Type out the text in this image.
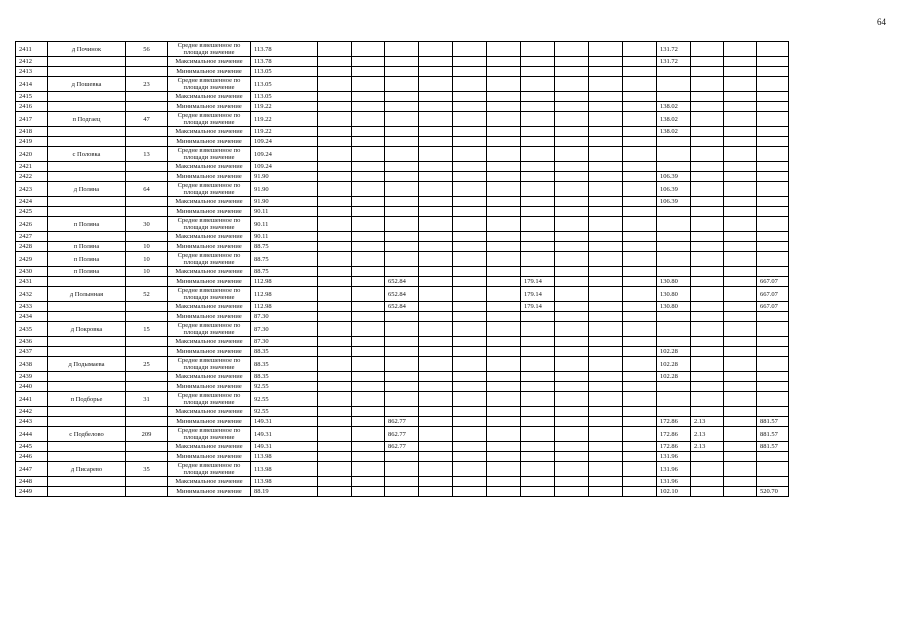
64
2411	д Починок	56	Средне взвешенное по площади значение	113.78											131.72			
2412			Максимальное значение	113.78											131.72			
2413			Минимальное значение	113.05														
2414	д Пошевка	23	Средне взвешенное по площади значение	113.05														
2415			Максимальное значение	113.05														
2416			Минимальное значение	119.22											138.02			
2417	п Подгаец	47	Средне взвешенное по площади значение	119.22											138.02			
2418			Максимальное значение	119.22											138.02			
2419			Минимальное значение	109.24														
2420	с Половка	13	Средне взвешенное по площади значение	109.24														
2421			Максимальное значение	109.24														
2422			Минимальное значение	91.90											106.39			
2423	д Поляна	64	Средне взвешенное по площади значение	91.90											106.39			
2424			Максимальное значение	91.90											106.39			
2425			Минимальное значение	90.11														
2426	п Поляна	30	Средне взвешенное по площади значение	90.11														
2427			Максимальное значение	90.11														
2428	п Поляна	10	Минимальное значение	88.75														
2429	п Поляна	10	Средне взвешенное по площади значение	88.75														
2430	п Поляна	10	Максимальное значение	88.75														
2431			Минимальное значение	112.98			652.84				179.14				130.80			667.07
2432	д Полынная	52	Средне взвешенное по площади значение	112.98			652.84				179.14				130.80			667.07
2433			Максимальное значение	112.98			652.84				179.14				130.80			667.07
2434			Минимальное значение	87.30														
2435	д Покровка	15	Средне взвешенное по площади значение	87.30														
2436			Максимальное значение	87.30														
2437			Минимальное значение	88.35											102.28			
2438	д Подымаева	25	Средне взвешенное по площади значение	88.35											102.28			
2439			Максимальное значение	88.35											102.28			
2440			Минимальное значение	92.55														
2441	п Подборье	31	Средне взвешенное по площади значение	92.55														
2442			Максимальное значение	92.55														
2443			Минимальное значение	149.31			862.77								172.86	2.13		881.57
2444	с Подбелово	209	Средне взвешенное по площади значение	149.31			862.77								172.86	2.13		881.57
2445			Максимальное значение	149.31			862.77								172.86	2.13		881.57
2446			Минимальное значение	113.98											131.96			
2447	д Писарево	35	Средне взвешенное по площади значение	113.98											131.96			
2448			Максимальное значение	113.98											131.96			
2449			Минимальное значение	88.19											102.10			520.70
